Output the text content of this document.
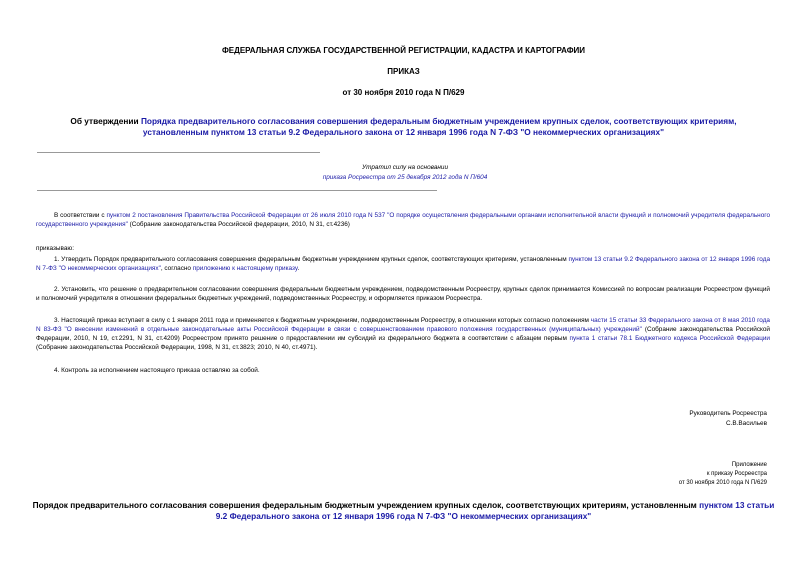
ФЕДЕРАЛЬНАЯ СЛУЖБА ГОСУДАРСТВЕННОЙ РЕГИСТРАЦИИ, КАДАСТРА И КАРТОГРАФИИ
ПРИКАЗ
от 30 ноября 2010 года N П/629
Об утверждении Порядка предварительного согласования совершения федеральным бюджетным учреждением крупных сделок, соответствующих критериям, установленным пунктом 13 статьи 9.2 Федерального закона от 12 января 1996 года N 7-ФЗ "О некоммерческих организациях"
Утратил силу на основании
приказа Росреестра от 25 декабря 2012 года N П/604
В соответствии с пунктом 2 постановления Правительства Российской Федерации от 26 июля 2010 года N 537 "О порядке осуществления федеральными органами исполнительной власти функций и полномочий учредителя федерального государственного учреждения" (Собрание законодательства Российской федерации, 2010, N 31, ст.4236)
приказываю:
1. Утвердить Порядок предварительного согласования совершения федеральным бюджетным учреждением крупных сделок, соответствующих критериям, установленным пунктом 13 статьи 9.2 Федерального закона от 12 января 1996 года N 7-ФЗ "О некоммерческих организациях", согласно приложению к настоящему приказу.
2. Установить, что решение о предварительном согласовании совершения федеральным бюджетным учреждением, подведомственным Росреестру, крупных сделок принимается Комиссией по вопросам реализации Росреестром функций и полномочий учредителя в отношении федеральных бюджетных учреждений, подведомственных Росреестру, и оформляется приказом Росреестра.
3. Настоящий приказ вступает в силу с 1 января 2011 года и применяется к бюджетным учреждениям, подведомственным Росреестру, в отношении которых согласно положениям части 15 статьи 33 Федерального закона от 8 мая 2010 года N 83-ФЗ "О внесении изменений в отдельные законодательные акты Российской Федерации в связи с совершенствованием правового положения государственных (муниципальных) учреждений" (Собрание законодательства Российской Федерации, 2010, N 19, ст.2291, N 31, ст.4209) Росреестром принято решение о предоставлении им субсидий из федерального бюджета в соответствии с абзацем первым пункта 1 статьи 78.1 Бюджетного кодекса Российской Федерации (Собрание законодательства Российской Федерации, 1998, N 31, ст.3823; 2010, N 40, ст.4971).
4. Контроль за исполнением настоящего приказа оставляю за собой.
Руководитель Росреестра
С.В.Васильев
Приложение
к приказу Росреестра
от 30 ноября 2010 года N П/629
Порядок предварительного согласования совершения федеральным бюджетным учреждением крупных сделок, соответствующих критериям, установленным пунктом 13 статьи 9.2 Федерального закона от 12 января 1996 года N 7-ФЗ "О некоммерческих организациях"
